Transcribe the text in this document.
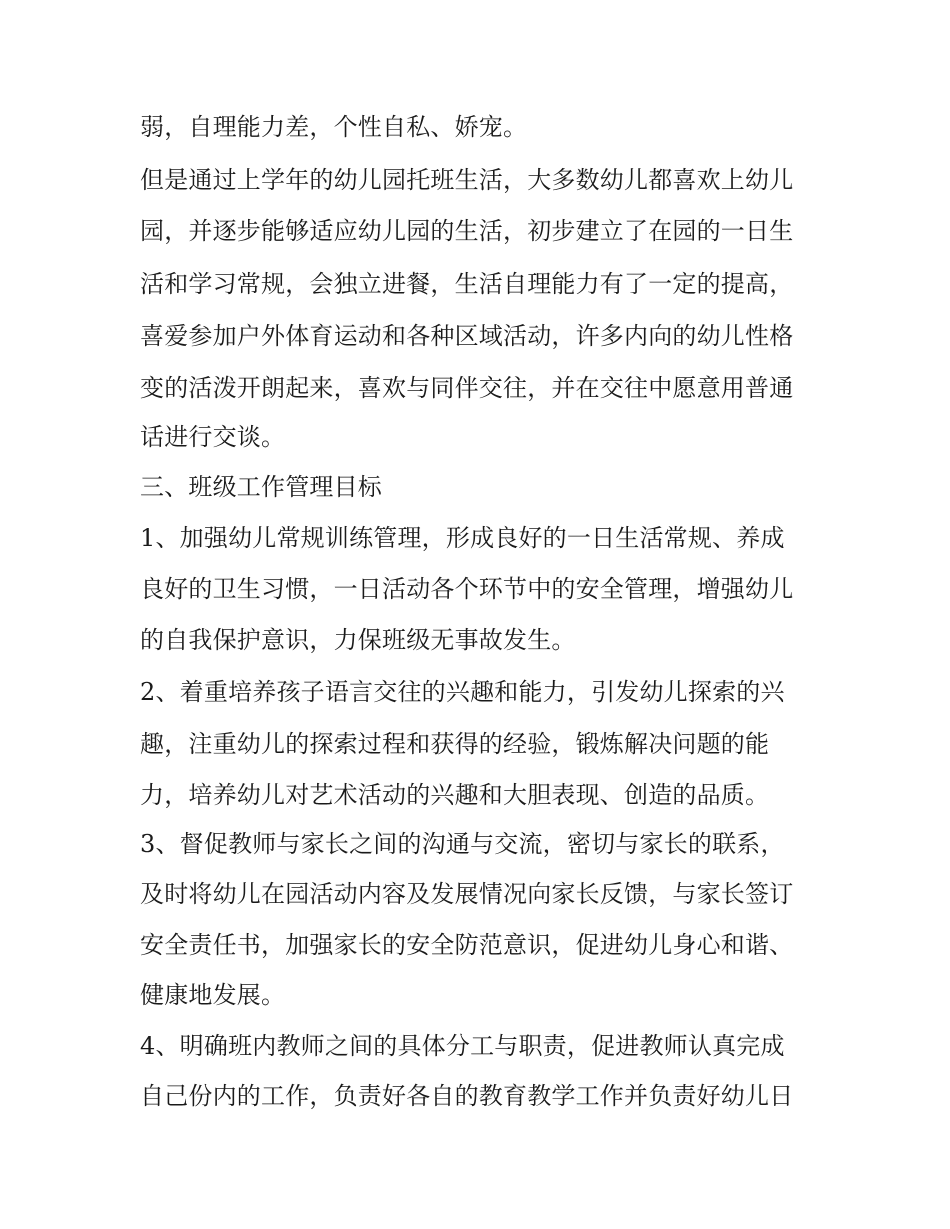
弱，自理能力差，个性自私、娇宠。
但是通过上学年的幼儿园托班生活，大多数幼儿都喜欢上幼儿
园，并逐步能够适应幼儿园的生活，初步建立了在园的一日生
活和学习常规，会独立进餐，生活自理能力有了一定的提高，
喜爱参加户外体育运动和各种区域活动，许多内向的幼儿性格
变的活泼开朗起来，喜欢与同伴交往，并在交往中愿意用普通
话进行交谈。
三、班级工作管理目标
1、加强幼儿常规训练管理，形成良好的一日生活常规、养成
良好的卫生习惯，一日活动各个环节中的安全管理，增强幼儿
的自我保护意识，力保班级无事故发生。
2、着重培养孩子语言交往的兴趣和能力，引发幼儿探索的兴
趣，注重幼儿的探索过程和获得的经验，锻炼解决问题的能
力，培养幼儿对艺术活动的兴趣和大胆表现、创造的品质。
3、督促教师与家长之间的沟通与交流，密切与家长的联系，
及时将幼儿在园活动内容及发展情况向家长反馈，与家长签订
安全责任书，加强家长的安全防范意识，促进幼儿身心和谐、
健康地发展。
4、明确班内教师之间的具体分工与职责，促进教师认真完成
自己份内的工作，负责好各自的教育教学工作并负责好幼儿日
